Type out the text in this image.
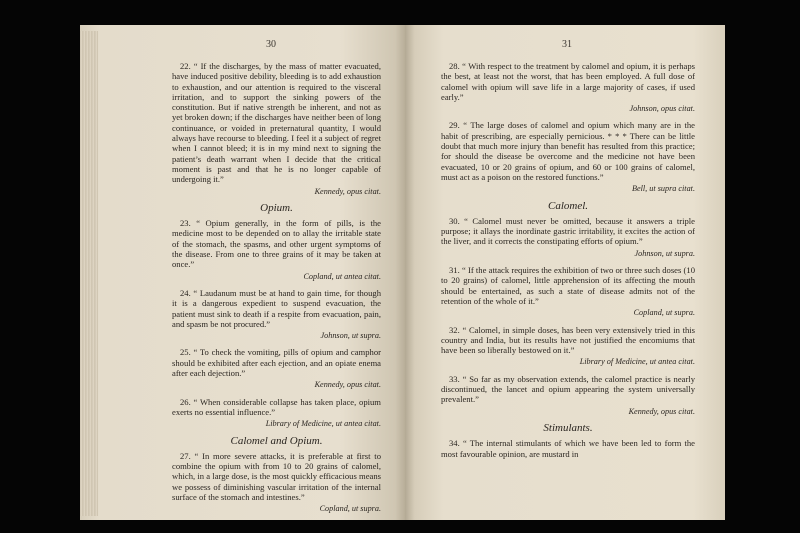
30
22. “ If the discharges, by the mass of matter evacuated, have induced positive debility, bleeding is to add exhaustion to exhaustion, and our attention is required to the visceral irritation, and to support the sinking powers of the constitution. But if native strength be inherent, and not as yet broken down; if the discharges have neither been of long continuance, or voided in preternatural quantity, I would always have recourse to bleeding. I feel it a subject of regret when I cannot bleed; it is in my mind next to signing the patient’s death warrant when I decide that the critical moment is past and that he is no longer capable of undergoing it.”
Kennedy, opus citat.
Opium.
23. “ Opium generally, in the form of pills, is the medicine most to be depended on to allay the irritable state of the stomach, the spasms, and other urgent symptoms of the disease. From one to three grains of it may be taken at once.”
Copland, ut antea citat.
24. “ Laudanum must be at hand to gain time, for though it is a dangerous expedient to suspend evacuation, the patient must sink to death if a respite from evacuation, pain, and spasm be not procured.”
Johnson, ut supra.
25. “ To check the vomiting, pills of opium and camphor should be exhibited after each ejection, and an opiate enema after each dejection.”
Kennedy, opus citat.
26. “ When considerable collapse has taken place, opium exerts no essential influence.”
Library of Medicine, ut antea citat.
Calomel and Opium.
27. “ In more severe attacks, it is preferable at first to combine the opium with from 10 to 20 grains of calomel, which, in a large dose, is the most quickly efficacious means we possess of diminishing vascular irritation of the internal surface of the stomach and intestines.”
Copland, ut supra.
31
28. “ With respect to the treatment by calomel and opium, it is perhaps the best, at least not the worst, that has been employed. A full dose of calomel with opium will save life in a large majority of cases, if used early.”
Johnson, opus citat.
29. “ The large doses of calomel and opium which many are in the habit of prescribing, are especially pernicious. * * * There can be little doubt that much more injury than benefit has resulted from this practice; for should the disease be overcome and the medicine not have been evacuated, 10 or 20 grains of opium, and 60 or 100 grains of calomel, must act as a poison on the restored functions.”
Bell, ut supra citat.
Calomel.
30. “ Calomel must never be omitted, because it answers a triple purpose; it allays the inordinate gastric irritability, it excites the action of the liver, and it corrects the constipating efforts of opium.”
Johnson, ut supra.
31. “ If the attack requires the exhibition of two or three such doses (10 to 20 grains) of calomel, little apprehension of its affecting the mouth should be entertained, as such a state of disease admits not of the retention of the whole of it.”
Copland, ut supra.
32. “ Calomel, in simple doses, has been very extensively tried in this country and India, but its results have not justified the encomiums that have been so liberally bestowed on it.”
Library of Medicine, ut antea citat.
33. “ So far as my observation extends, the calomel practice is nearly discontinued, the lancet and opium appearing the system universally prevalent.”
Kennedy, opus citat.
Stimulants.
34. “ The internal stimulants of which we have been led to form the most favourable opinion, are mustard in
